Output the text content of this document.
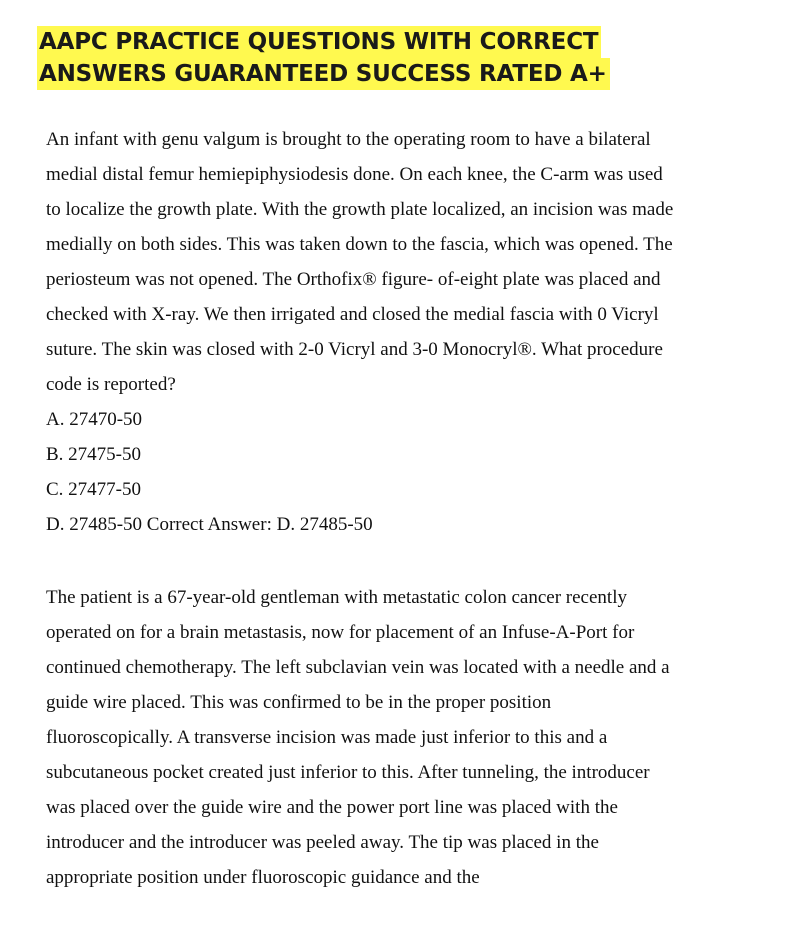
AAPC PRACTICE QUESTIONS WITH CORRECT
ANSWERS GUARANTEED SUCCESS RATED A+
An infant with genu valgum is brought to the operating room to have a bilateral
medial distal femur hemiepiphysiodesis done. On each knee, the C-arm was used
to localize the growth plate. With the growth plate localized, an incision was made
medially on both sides. This was taken down to the fascia, which was opened. The
periosteum was not opened. The Orthofix® figure- of-eight plate was placed and
checked with X-ray. We then irrigated and closed the medial fascia with 0 Vicryl
suture. The skin was closed with 2-0 Vicryl and 3-0 Monocryl®. What procedure
code is reported?
A. 27470-50
B. 27475-50
C. 27477-50
D. 27485-50 Correct Answer: D. 27485-50
The patient is a 67-year-old gentleman with metastatic colon cancer recently
operated on for a brain metastasis, now for placement of an Infuse-A-Port for
continued chemotherapy. The left subclavian vein was located with a needle and a
guide wire placed. This was confirmed to be in the proper position
fluoroscopically. A transverse incision was made just inferior to this and a
subcutaneous pocket created just inferior to this. After tunneling, the introducer
was placed over the guide wire and the power port line was placed with the
introducer and the introducer was peeled away. The tip was placed in the
appropriate position under fluoroscopic guidance and the
